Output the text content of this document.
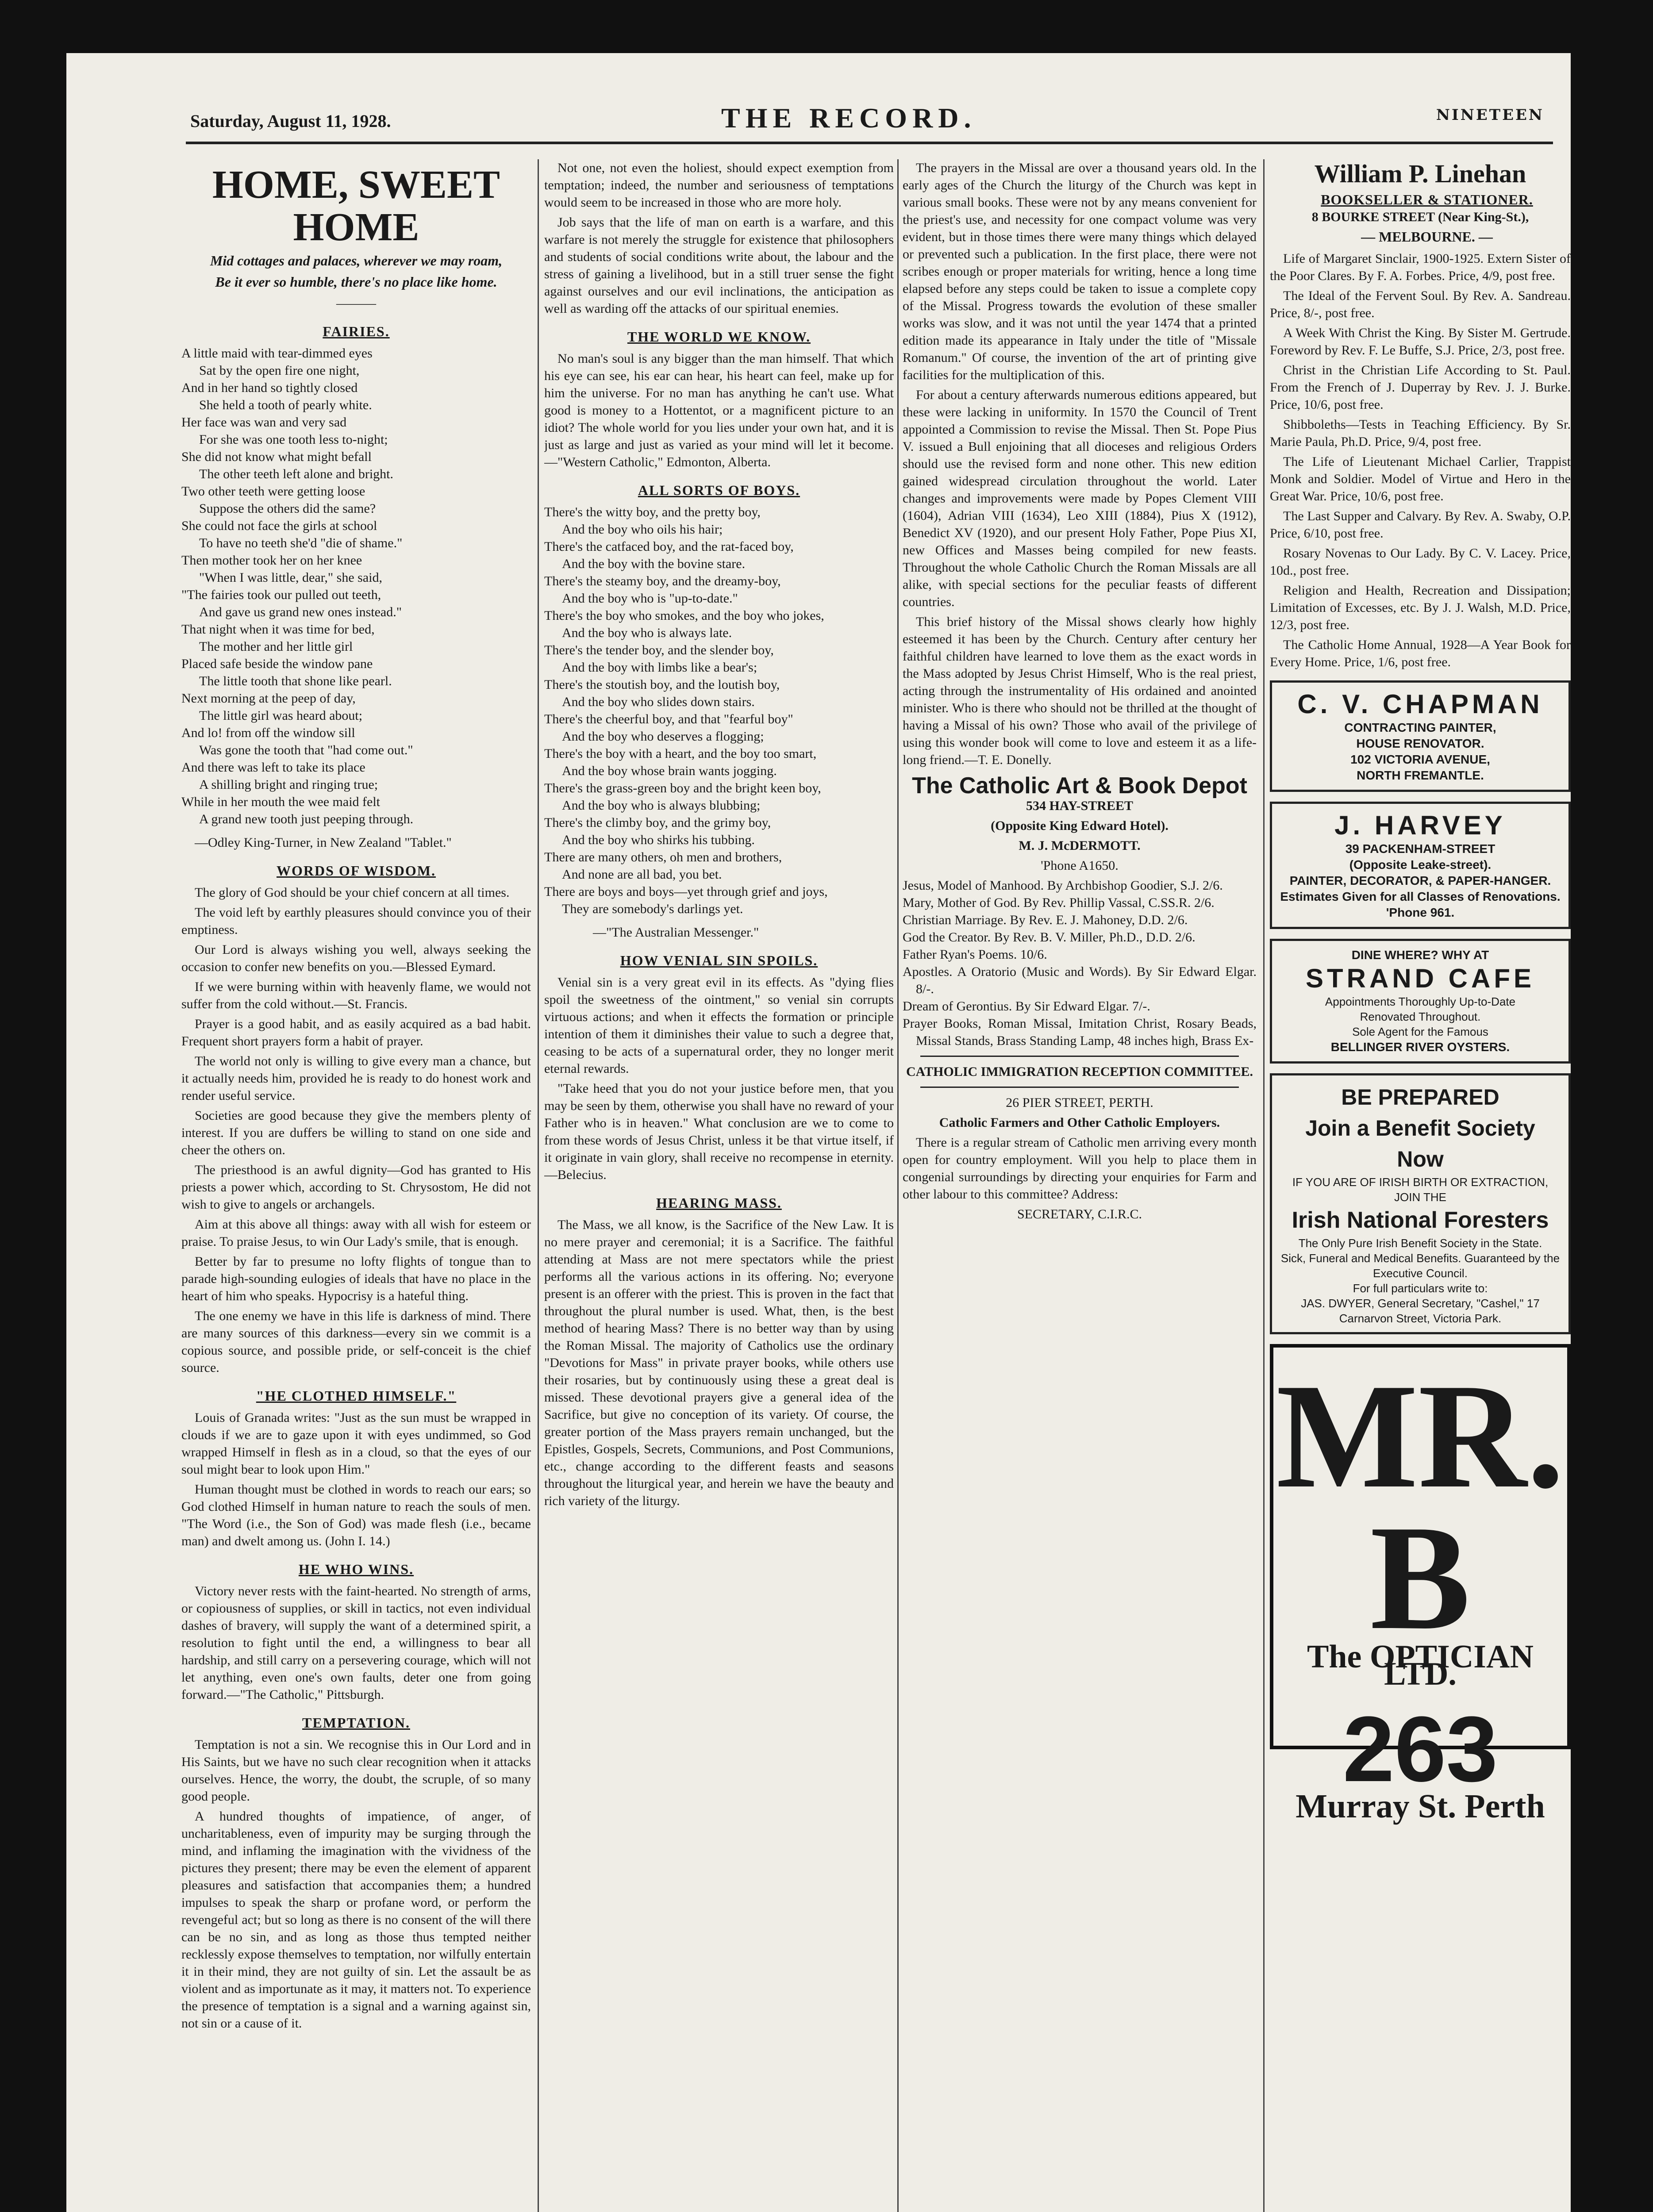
Saturday, August 11, 1928.	THE RECORD.	NINETEEN
HOME, SWEET HOME
Mid cottages and palaces, wherever we may roam,
Be it ever so humble, there's no place like home.
———
FAIRIES.

A little maid with tear-dimmed eyes

Sat by the open fire one night,

And in her hand so tightly closed

She held a tooth of pearly white.

Her face was wan and very sad

For she was one tooth less to-night;

She did not know what might befall

The other teeth left alone and bright.

Two other teeth were getting loose

Suppose the others did the same?

She could not face the girls at school

To have no teeth she'd "die of shame."

Then mother took her on her knee

"When I was little, dear," she said,

"The fairies took our pulled out teeth,

And gave us grand new ones instead."

That night when it was time for bed,

The mother and her little girl

Placed safe beside the window pane

The little tooth that shone like pearl.

Next morning at the peep of day,

The little girl was heard about;

And lo! from off the window sill

Was gone the tooth that "had come out."

And there was left to take its place

A shilling bright and ringing true;

While in her mouth the wee maid felt

A grand new tooth just peeping through.

—Odley King-Turner, in New Zealand "Tablet."

WORDS OF WISDOM.

The glory of God should be your chief concern at all times.

The void left by earthly pleasures should convince you of their emptiness.

Our Lord is always wishing you well, always seeking the occasion to confer new benefits on you.—Blessed Eymard.

If we were burning within with heavenly flame, we would not suffer from the cold without.—St. Francis.

Prayer is a good habit, and as easily acquired as a bad habit. Frequent short prayers form a habit of prayer.

The world not only is willing to give every man a chance, but it actually needs him, provided he is ready to do honest work and render useful service.

Societies are good because they give the members plenty of interest. If you are duffers be willing to stand on one side and cheer the others on.

The priesthood is an awful dignity—God has granted to His priests a power which, according to St. Chrysostom, He did not wish to give to angels or archangels.

Aim at this above all things: away with all wish for esteem or praise. To praise Jesus, to win Our Lady's smile, that is enough.

Better by far to presume no lofty flights of tongue than to parade high-sounding eulogies of ideals that have no place in the heart of him who speaks. Hypocrisy is a hateful thing.

The one enemy we have in this life is darkness of mind. There are many sources of this darkness—every sin we commit is a copious source, and possible pride, or self-conceit is the chief source.

"HE CLOTHED HIMSELF."

Louis of Granada writes: "Just as the sun must be wrapped in clouds if we are to gaze upon it with eyes undimmed, so God wrapped Himself in flesh as in a cloud, so that the eyes of our soul might bear to look upon Him."

Human thought must be clothed in words to reach our ears; so God clothed Himself in human nature to reach the souls of men. "The Word (i.e., the Son of God) was made flesh (i.e., became man) and dwelt among us. (John I. 14.)

HE WHO WINS.

Victory never rests with the faint-hearted. No strength of arms, or copiousness of supplies, or skill in tactics, not even individual dashes of bravery, will supply the want of a determined spirit, a resolution to fight until the end, a willingness to bear all hardship, and still carry on a persevering courage, which will not let anything, even one's own faults, deter one from going forward.—"The Catholic," Pittsburgh.

TEMPTATION.

Temptation is not a sin. We recognise this in Our Lord and in His Saints, but we have no such clear recognition when it attacks ourselves. Hence, the worry, the doubt, the scruple, of so many good people.

A hundred thoughts of impatience, of anger, of uncharitableness, even of impurity may be surging through the mind, and inflaming the imagination with the vividness of the pictures they present; there may be even the element of apparent pleasures and satisfaction that accompanies them; a hundred impulses to speak the sharp or profane word, or perform the revengeful act; but so long as there is no consent of the will there can be no sin, and as long as those thus tempted neither recklessly expose themselves to temptation, nor wilfully entertain it in their mind, they are not guilty of sin. Let the assault be as violent and as importunate as it may, it matters not. To experience the presence of temptation is a signal and a warning against sin, not sin or a cause of it.

Not one, not even the holiest, should expect exemption from temptation; indeed, the number and seriousness of temptations would seem to be increased in those who are more holy.

Job says that the life of man on earth is a warfare, and this warfare is not merely the struggle for existence that philosophers and students of social conditions write about, the labour and the stress of gaining a livelihood, but in a still truer sense the fight against ourselves and our evil inclinations, the anticipation as well as warding off the attacks of our spiritual enemies.

THE WORLD WE KNOW.

No man's soul is any bigger than the man himself. That which his eye can see, his ear can hear, his heart can feel, make up for him the universe. For no man has anything he can't use. What good is money to a Hottentot, or a magnificent picture to an idiot? The whole world for you lies under your own hat, and it is just as large and just as varied as your mind will let it become.—"Western Catholic," Edmonton, Alberta.

ALL SORTS OF BOYS.

There's the witty boy, and the pretty boy,

And the boy who oils his hair;

There's the catfaced boy, and the rat-faced boy,

And the boy with the bovine stare.

There's the steamy boy, and the dreamy-boy,

And the boy who is "up-to-date."

There's the boy who smokes, and the boy who jokes,

And the boy who is always late.

There's the tender boy, and the slender boy,

And the boy with limbs like a bear's;

There's the stoutish boy, and the loutish boy,

And the boy who slides down stairs.

There's the cheerful boy, and that "fearful boy"

And the boy who deserves a flogging;

There's the boy with a heart, and the boy too smart,

And the boy whose brain wants jogging.

There's the grass-green boy and the bright keen boy,

And the boy who is always blubbing;

There's the climby boy, and the grimy boy,

And the boy who shirks his tubbing.

There are many others, oh men and brothers,

And none are all bad, you bet.

There are boys and boys—yet through grief and joys,

They are somebody's darlings yet.

—"The Australian Messenger."

HOW VENIAL SIN SPOILS.

Venial sin is a very great evil in its effects. As "dying flies spoil the sweetness of the ointment," so venial sin corrupts virtuous actions; and when it effects the formation or principle intention of them it diminishes their value to such a degree that, ceasing to be acts of a supernatural order, they no longer merit eternal rewards.

"Take heed that you do not your justice before men, that you may be seen by them, otherwise you shall have no reward of your Father who is in heaven." What conclusion are we to come to from these words of Jesus Christ, unless it be that virtue itself, if it originate in vain glory, shall receive no recompense in eternity.—Belecius.

HEARING MASS.

The Mass, we all know, is the Sacrifice of the New Law. It is no mere prayer and ceremonial; it is a Sacrifice. The faithful attending at Mass are not mere spectators while the priest performs all the various actions in its offering. No; everyone present is an offerer with the priest. This is proven in the fact that throughout the plural number is used. What, then, is the best method of hearing Mass? There is no better way than by using the Roman Missal. The majority of Catholics use the ordinary "Devotions for Mass" in private prayer books, while others use their rosaries, but by continuously using these a great deal is missed. These devotional prayers give a general idea of the Sacrifice, but give no conception of its variety. Of course, the greater portion of the Mass prayers remain unchanged, but the Epistles, Gospels, Secrets, Communions, and Post Communions, etc., change according to the different feasts and seasons throughout the liturgical year, and herein we have the beauty and rich variety of the liturgy.

The prayers in the Missal are over a thousand years old. In the early ages of the Church the liturgy of the Church was kept in various small books. These were not by any means convenient for the priest's use, and necessity for one compact volume was very evident, but in those times there were many things which delayed or prevented such a publication. In the first place, there were not scribes enough or proper materials for writing, hence a long time elapsed before any steps could be taken to issue a complete copy of the Missal. Progress towards the evolution of these smaller works was slow, and it was not until the year 1474 that a printed edition made its appearance in Italy under the title of "Missale Romanum." Of course, the invention of the art of printing give facilities for the multiplication of this.

For about a century afterwards numerous editions appeared, but these were lacking in uniformity. In 1570 the Council of Trent appointed a Commission to revise the Missal. Then St. Pope Pius V. issued a Bull enjoining that all dioceses and religious Orders should use the revised form and none other. This new edition gained widespread circulation throughout the world. Later changes and improvements were made by Popes Clement VIII (1604), Adrian VIII (1634), Leo XIII (1884), Pius X (1912), Benedict XV (1920), and our present Holy Father, Pope Pius XI, new Offices and Masses being compiled for new feasts. Throughout the whole Catholic Church the Roman Missals are all alike, with special sections for the peculiar feasts of different countries.

This brief history of the Missal shows clearly how highly esteemed it has been by the Church. Century after century her faithful children have learned to love them as the exact words in the Mass adopted by Jesus Christ Himself, Who is the real priest, acting through the instrumentality of His ordained and anointed minister. Who is there who should not be thrilled at the thought of having a Missal of his own? Those who avail of the privilege of using this wonder book will come to love and esteem it as a life-long friend.—T. E. Donelly.

The Catholic Art & Book Depot

534 HAY-STREET

(Opposite King Edward Hotel).

M. J. McDERMOTT.

'Phone A1650.

Jesus, Model of Manhood. By Archbishop Goodier, S.J. 2/6.

Mary, Mother of God. By Rev. Phillip Vassal, C.SS.R. 2/6.

Christian Marriage. By Rev. E. J. Mahoney, D.D. 2/6.

God the Creator. By Rev. B. V. Miller, Ph.D., D.D. 2/6.

Father Ryan's Poems. 10/6.

Apostles. A Oratorio (Music and Words). By Sir Edward Elgar. 8/-.

Dream of Gerontius. By Sir Edward Elgar. 7/-.

Prayer Books, Roman Missal, Imitation Christ, Rosary Beads, Missal Stands, Brass Standing Lamp, 48 inches high, Brass Ex-

CATHOLIC IMMIGRATION RECEPTION COMMITTEE.

26 PIER STREET, PERTH.

Catholic Farmers and Other Catholic Employers.

There is a regular stream of Catholic men arriving every month open for country employment. Will you help to place them in congenial surroundings by directing your enquiries for Farm and other labour to this committee? Address:

SECRETARY, C.I.R.C.

William P. Linehan

BOOKSELLER & STATIONER.

8 BOURKE STREET (Near King-St.),

— MELBOURNE. —

Life of Margaret Sinclair, 1900-1925. Extern Sister of the Poor Clares. By F. A. Forbes. Price, 4/9, post free.

The Ideal of the Fervent Soul. By Rev. A. Sandreau. Price, 8/-, post free.

A Week With Christ the King. By Sister M. Gertrude. Foreword by Rev. F. Le Buffe, S.J. Price, 2/3, post free.

Christ in the Christian Life According to St. Paul. From the French of J. Duperray by Rev. J. J. Burke. Price, 10/6, post free.

Shibboleths—Tests in Teaching Efficiency. By Sr. Marie Paula, Ph.D. Price, 9/4, post free.

The Life of Lieutenant Michael Carlier, Trappist Monk and Soldier. Model of Virtue and Hero in the Great War. Price, 10/6, post free.

The Last Supper and Calvary. By Rev. A. Swaby, O.P. Price, 6/10, post free.

Rosary Novenas to Our Lady. By C. V. Lacey. Price, 10d., post free.

Religion and Health, Recreation and Dissipation; Limitation of Excesses, etc. By J. J. Walsh, M.D. Price, 12/3, post free.

The Catholic Home Annual, 1928—A Year Book for Every Home. Price, 1/6, post free.

C. V. CHAPMAN
CONTRACTING PAINTER,
HOUSE RENOVATOR.
102 VICTORIA AVENUE,
NORTH FREMANTLE.
J. HARVEY
39 PACKENHAM-STREET
(Opposite Leake-street).
PAINTER, DECORATOR, & PAPER-HANGER.
Estimates Given for all Classes of Renovations. 'Phone 961.
DINE WHERE? WHY AT
STRAND CAFE
Appointments Thoroughly Up-to-Date
Renovated Throughout.
Sole Agent for the Famous
BELLINGER RIVER OYSTERS.
BE PREPARED
Join a Benefit Society Now
IF YOU ARE OF IRISH BIRTH OR EXTRACTION, JOIN THE
Irish National Foresters
The Only Pure Irish Benefit Society in the State.
Sick, Funeral and Medical Benefits. Guaranteed by the Executive Council.
For full particulars write to:
JAS. DWYER, General Secretary, "Cashel," 17 Carnarvon Street, Victoria Park.
MR. B
The OPTICIAN LTD.
263
Murray St. Perth
